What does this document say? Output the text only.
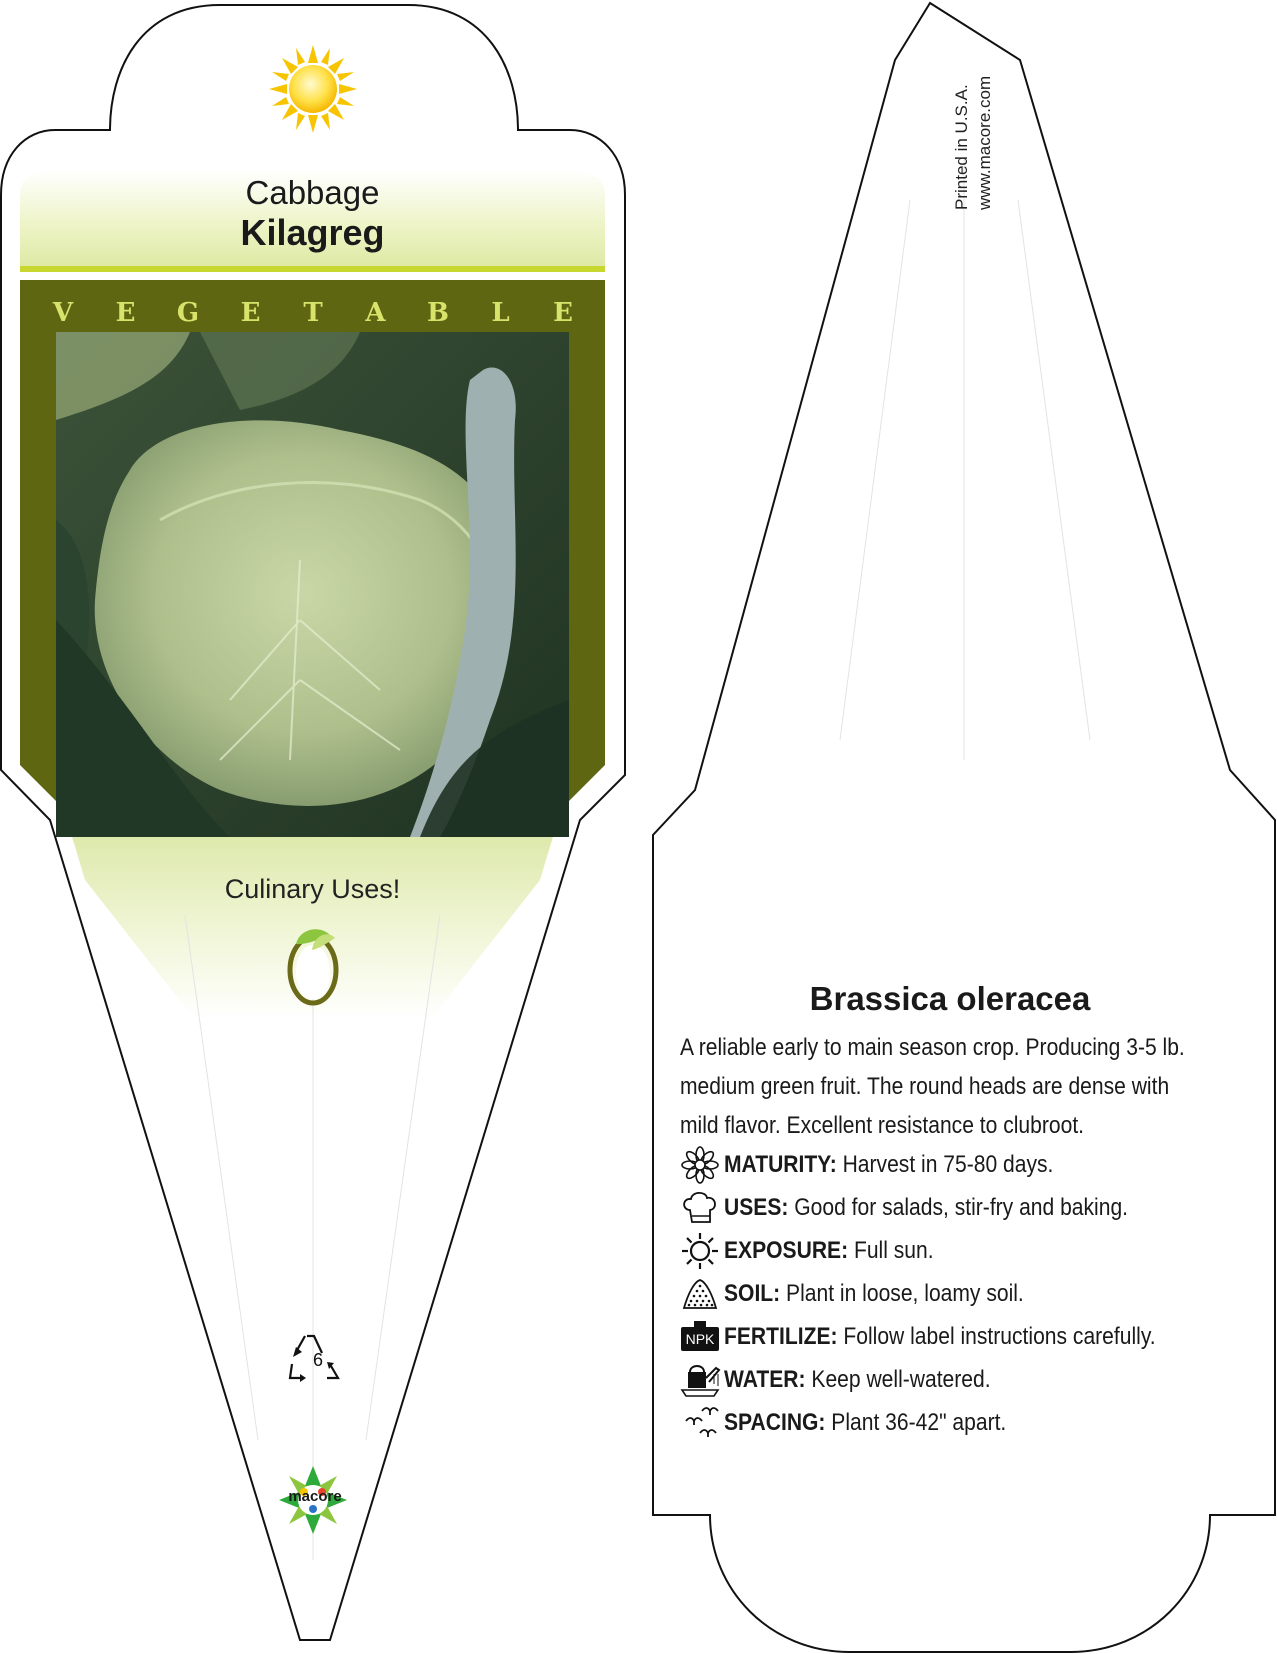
Cabbage
Kilagreg
V E G E T A B L E
Culinary Uses!
6
macore
Printed in U.S.A. www.macore.com
Brassica oleracea
A reliable early to main season crop. Producing 3-5 lb.
medium green fruit. The round heads are dense with
mild flavor. Excellent resistance to clubroot.
MATURITY: Harvest in 75-80 days.
USES: Good for salads, stir-fry and baking.
EXPOSURE: Full sun.
SOIL: Plant in loose, loamy soil.
NPK FERTILIZE: Follow label instructions carefully.
WATER: Keep well-watered.
SPACING: Plant 36-42" apart.
